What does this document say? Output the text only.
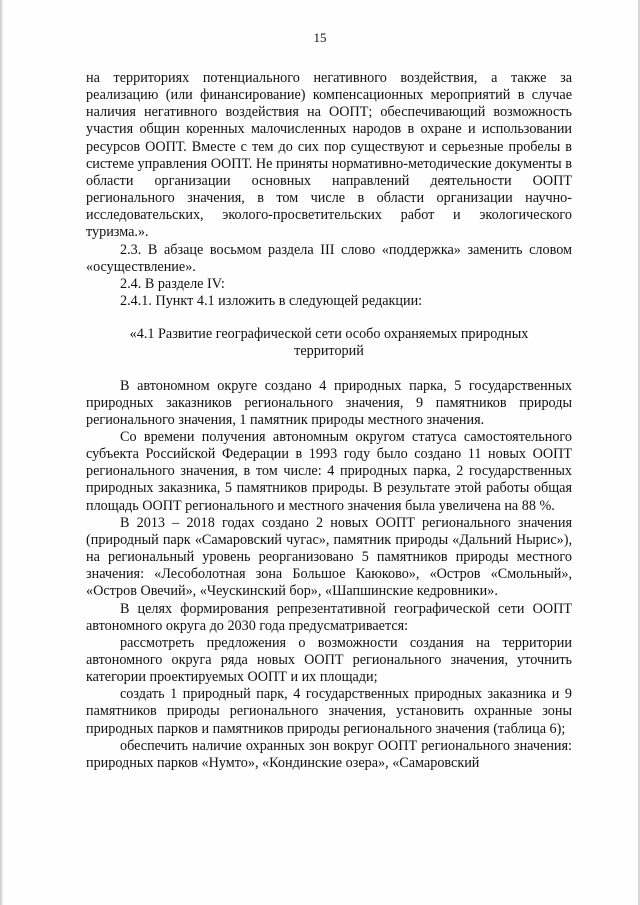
15

на территориях потенциального негативного воздействия, а также за реализацию (или финансирование) компенсационных мероприятий в случае наличия негативного воздействия на ООПТ; обеспечивающий возможность участия общин коренных малочисленных народов в охране и использовании ресурсов ООПТ. Вместе с тем до сих пор существуют и серьезные пробелы в системе управления ООПТ. Не приняты нормативно-методические документы в области организации основных направлений деятельности ООПТ регионального значения, в том числе в области организации научно-исследовательских, эколого-просветительских работ и экологического туризма.».

2.3. В абзаце восьмом раздела III слово «поддержка» заменить словом «осуществление».

2.4. В разделе IV:

2.4.1. Пункт 4.1 изложить в следующей редакции:

«4.1 Развитие географической сети особо охраняемых природных территорий

В автономном округе создано 4 природных парка, 5 государственных природных заказников регионального значения, 9 памятников природы регионального значения, 1 памятник природы местного значения.

Со времени получения автономным округом статуса самостоятельного субъекта Российской Федерации в 1993 году было создано 11 новых ООПТ регионального значения, в том числе: 4 природных парка, 2 государственных природных заказника, 5 памятников природы. В результате этой работы общая площадь ООПТ регионального и местного значения была увеличена на 88 %.

В 2013 – 2018 годах создано 2 новых ООПТ регионального значения (природный парк «Самаровский чугас», памятник природы «Дальний Нырис»), на региональный уровень реорганизовано 5 памятников природы местного значения: «Лесоболотная зона Большое Каюково», «Остров «Смольный», «Остров Овечий», «Чеускинский бор», «Шапшинские кедровники».

В целях формирования репрезентативной географической сети ООПТ автономного округа до 2030 года предусматривается:

рассмотреть предложения о возможности создания на территории автономного округа ряда новых ООПТ регионального значения, уточнить категории проектируемых ООПТ и их площади;

создать 1 природный парк, 4 государственных природных заказника и 9 памятников природы регионального значения, установить охранные зоны природных парков и памятников природы регионального значения (таблица 6);

обеспечить наличие охранных зон вокруг ООПТ регионального значения: природных парков «Нумто», «Кондинские озера», «Самаровский
